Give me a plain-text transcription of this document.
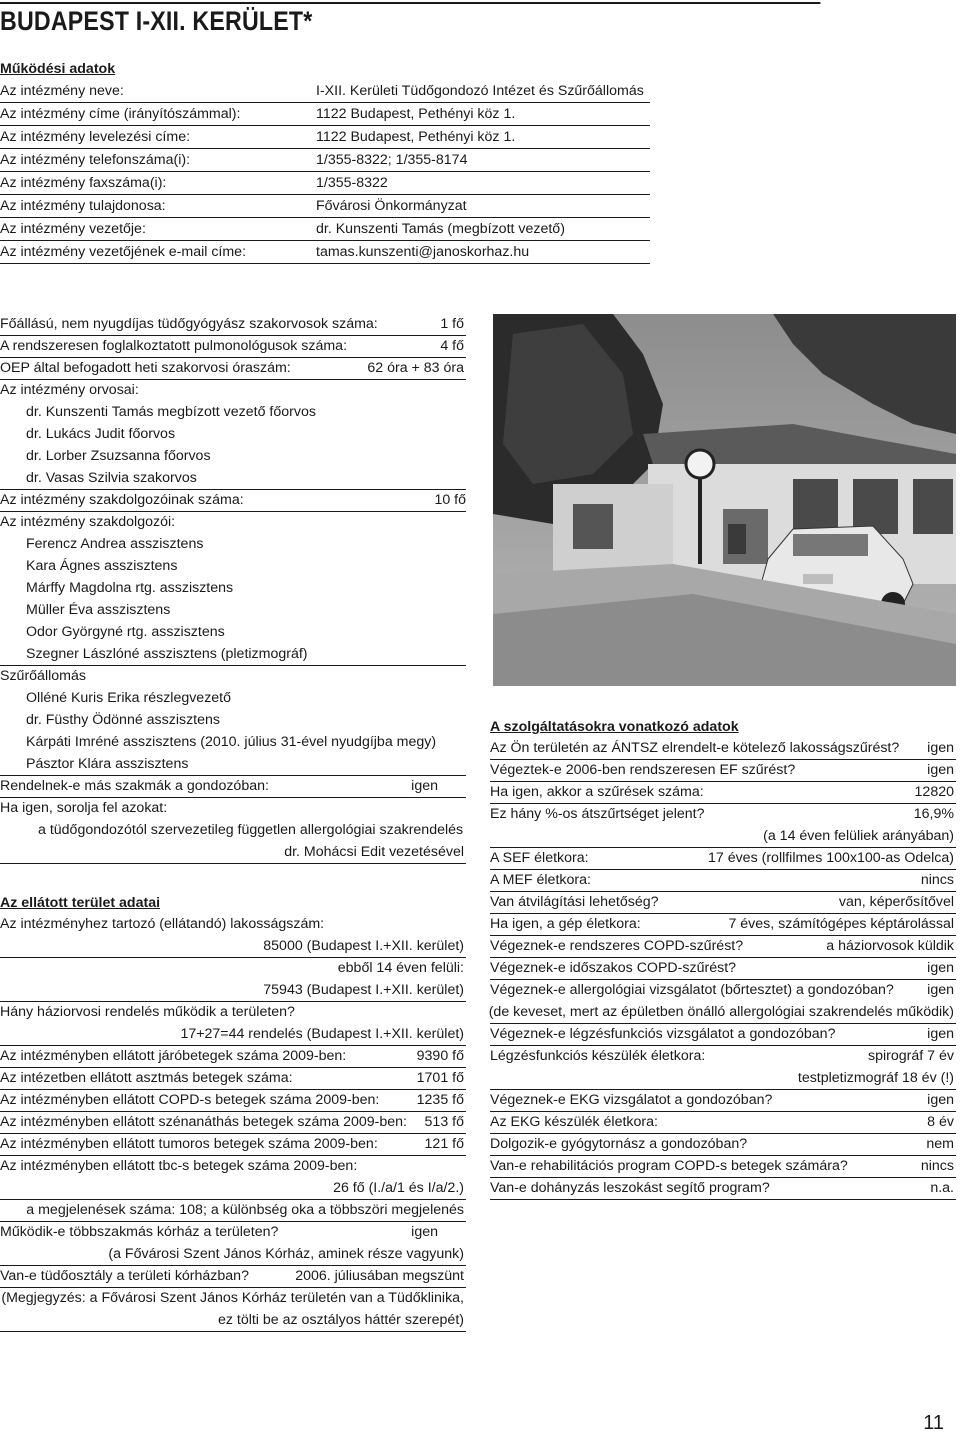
BUDAPEST I-XII. KERÜLET*
Működési adatok
Az intézmény neve:	I-XII. Kerületi Tüdőgondozó Intézet és Szűrőállomás
Az intézmény címe (irányítószámmal):	1122 Budapest, Pethényi köz 1.
Az intézmény levelezési címe:	1122 Budapest, Pethényi köz 1.
Az intézmény telefonszáma(i):	1/355-8322; 1/355-8174
Az intézmény faxszáma(i):	1/355-8322
Az intézmény tulajdonosa:	Fővárosi Önkormányzat
Az intézmény vezetője:	dr. Kunszenti Tamás (megbízott vezető)
Az intézmény vezetőjének e-mail címe:	tamas.kunszenti@janoskorhaz.hu
Főállású, nem nyugdíjas tüdőgyógyász szakorvosok száma:	1 fő
A rendszeresen foglalkoztatott pulmonológusok száma:	4 fő
OEP által befogadott heti szakorvosi óraszám:	62 óra + 83 óra
Az intézmény orvosai:
dr. Kunszenti Tamás megbízott vezető főorvos
dr. Lukács Judit főorvos
dr. Lorber Zsuzsanna főorvos
dr. Vasas Szilvia szakorvos
Az intézmény szakdolgozóinak száma:	10 fő
Az intézmény szakdolgozói:
Ferencz Andrea asszisztens
Kara Ágnes asszisztens
Márffy Magdolna rtg. asszisztens
Müller Éva asszisztens
Odor Györgyné rtg. asszisztens
Szegner Lászlóné asszisztens (pletizmográf)
Szűrőállomás
Olléné Kuris Erika részlegvezető
dr. Füsthy Ödönné asszisztens
Kárpáti Imréné asszisztens (2010. július 31-ével nyudgíjba megy)
Pásztor Klára asszisztens
Rendelnek-e más szakmák a gondozóban:	igen
Ha igen, sorolja fel azokat:
a tüdőgondozótól szervezetileg független allergológiai szakrendelés
dr. Mohácsi Edit vezetésével
Az ellátott terület adatai
Az intézményhez tartozó (ellátandó) lakosságszám:
85000 (Budapest I.+XII. kerület)
ebből 14 éven felüli:
75943 (Budapest I.+XII. kerület)
Hány háziorvosi rendelés működik a területen?
17+27=44 rendelés (Budapest I.+XII. kerület)
Az intézményben ellátott járóbetegek száma 2009-ben:	9390 fő
Az intézetben ellátott asztmás betegek száma:	1701 fő
Az intézményben ellátott COPD-s betegek száma 2009-ben:	1235 fő
Az intézményben ellátott szénanáthás betegek száma 2009-ben: 513 fő
Az intézményben ellátott tumoros betegek száma 2009-ben:	121 fő
Az intézményben ellátott tbc-s betegek száma 2009-ben:
26 fő (I./a/1 és I/a/2.)
a megjelenések száma: 108; a különbség oka a többszöri megjelenés
Működik-e többszakmás kórház a területen?	igen
(a Fővárosi Szent János Kórház, aminek része vagyunk)
Van-e tüdőosztály a területi kórházban?	2006. júliusában megszünt
(Megjegyzés: a Fővárosi Szent János Kórház területén van a Tüdőklinika,
ez tölti be az osztályos háttér szerepét)
A szolgáltatásokra vonatkozó adatok
Az Ön területén az ÁNTSZ elrendelt-e kötelező lakosságszűrést? igen
Végeztek-e 2006-ben rendszeresen EF szűrést?	igen
Ha igen, akkor a szűrések száma:	12820
Ez hány %-os átszűrtséget jelent?	16,9%
(a 14 éven felüliek arányában)
A SEF életkora:	17 éves (rollfilmes 100x100-as Odelca)
A MEF életkora:	nincs
Van átvilágítási lehetőség?	van, képerősítővel
Ha igen, a gép életkora:	7 éves, számítógépes képtárolással
Végeznek-e rendszeres COPD-szűrést?	a háziorvosok küldik
Végeznek-e időszakos COPD-szűrést?	igen
Végeznek-e allergológiai vizsgálatot (bőrtesztet) a gondozóban? igen
(de keveset, mert az épületben önálló allergológiai szakrendelés működik)
Végeznek-e légzésfunkciós vizsgálatot a gondozóban?	igen
Légzésfunkciós készülék életkora:	spirográf 7 év
testpletizmográf 18 év (!)
Végeznek-e EKG vizsgálatot a gondozóban?	igen
Az EKG készülék életkora:	8 év
Dolgozik-e gyógytornász a gondozóban?	nem
Van-e rehabilitációs program COPD-s betegek számára?	nincs
Van-e dohányzás leszokást segítő program?	n.a.
11
